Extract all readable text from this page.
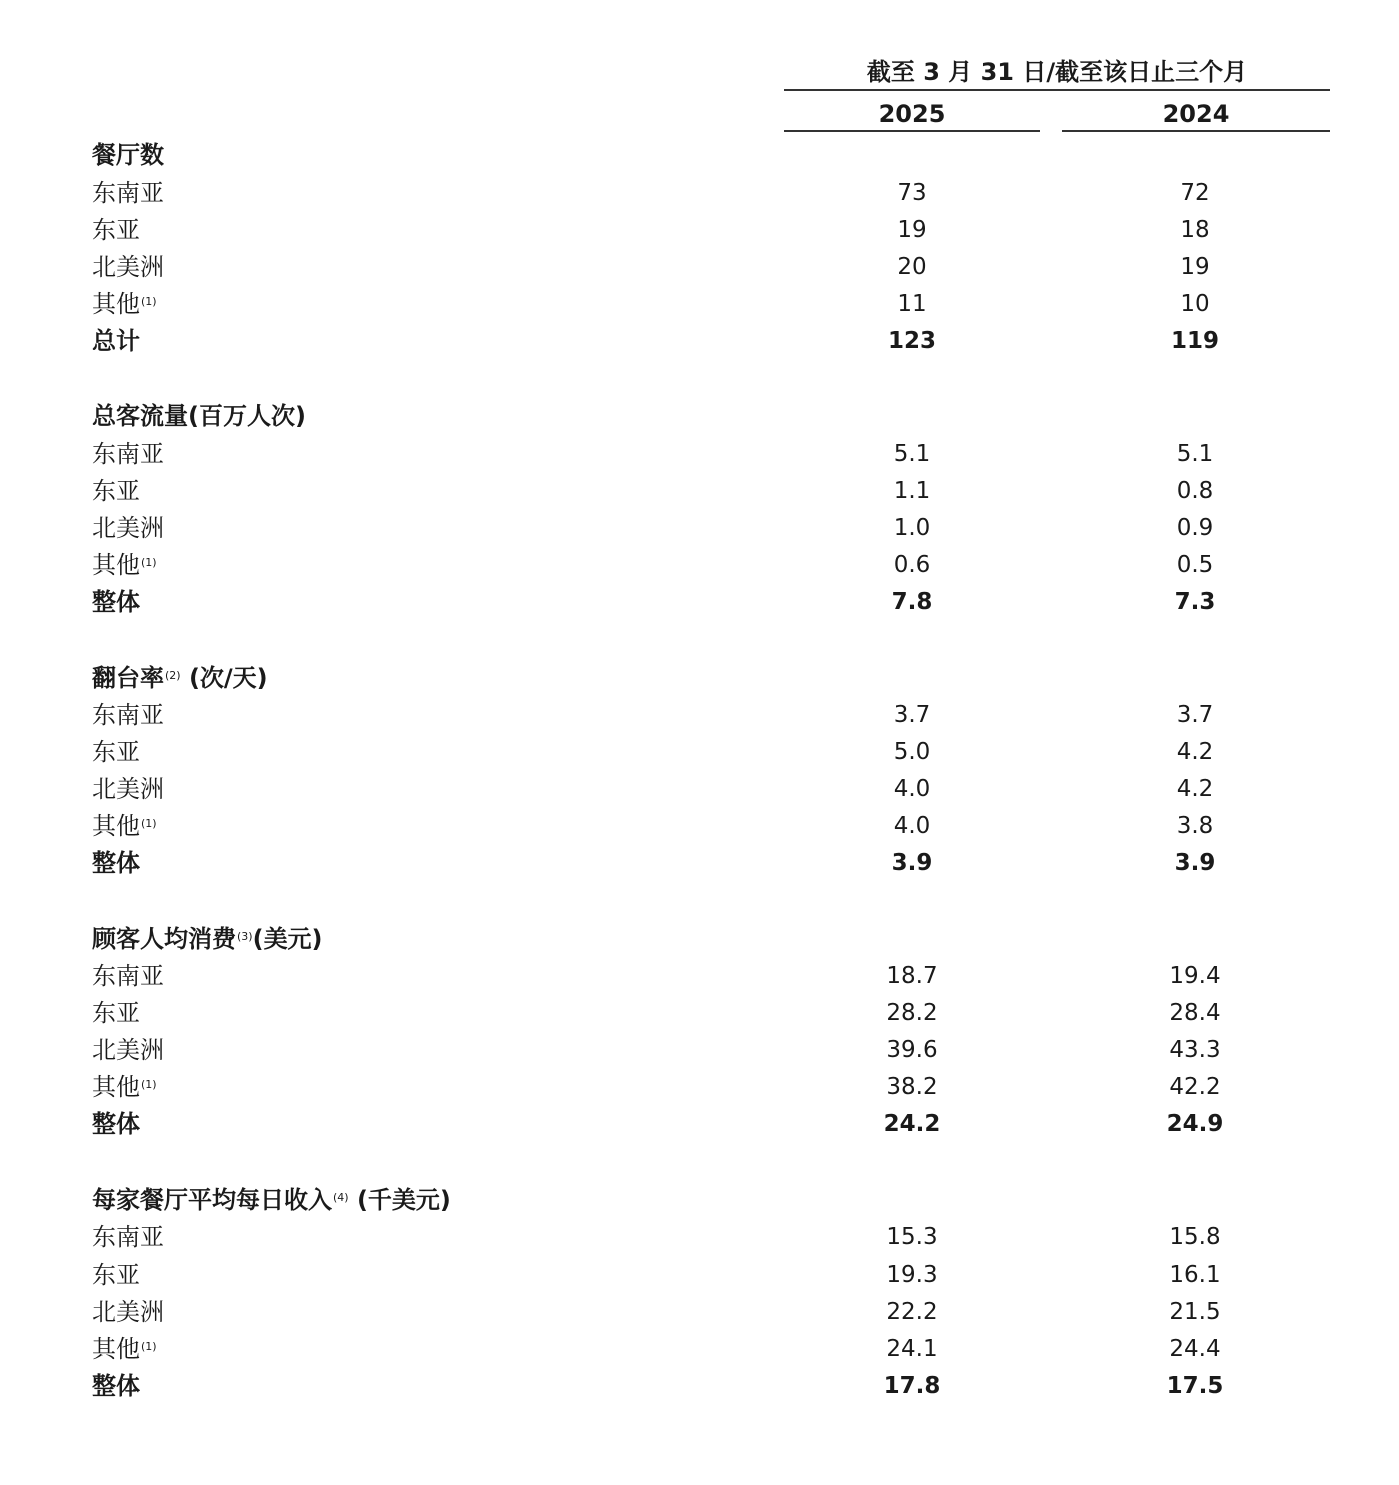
截至 3 月 31 日/截至该日止三个月
2025	2024
餐厅数
东南亚	73	72
东亚	19	18
北美洲	20	19
其他$^{(1)}$	11	10
总计	123	119
总客流量(百万人次)
东南亚	5.1	5.1
东亚	1.1	0.8
北美洲	1.0	0.9
其他$^{(1)}$	0.6	0.5
整体	7.8	7.3
翻台率$^{(2)}$ (次/天)
东南亚	3.7	3.7
东亚	5.0	4.2
北美洲	4.0	4.2
其他$^{(1)}$	4.0	3.8
整体	3.9	3.9
顾客人均消费$^{(3)}$(美元)
东南亚	18.7	19.4
东亚	28.2	28.4
北美洲	39.6	43.3
其他$^{(1)}$	38.2	42.2
整体	24.2	24.9
每家餐厅平均每日收入$^{(4)}$ (千美元)
东南亚	15.3	15.8
东亚	19.3	16.1
北美洲	22.2	21.5
其他$^{(1)}$	24.1	24.4
整体	17.8	17.5
